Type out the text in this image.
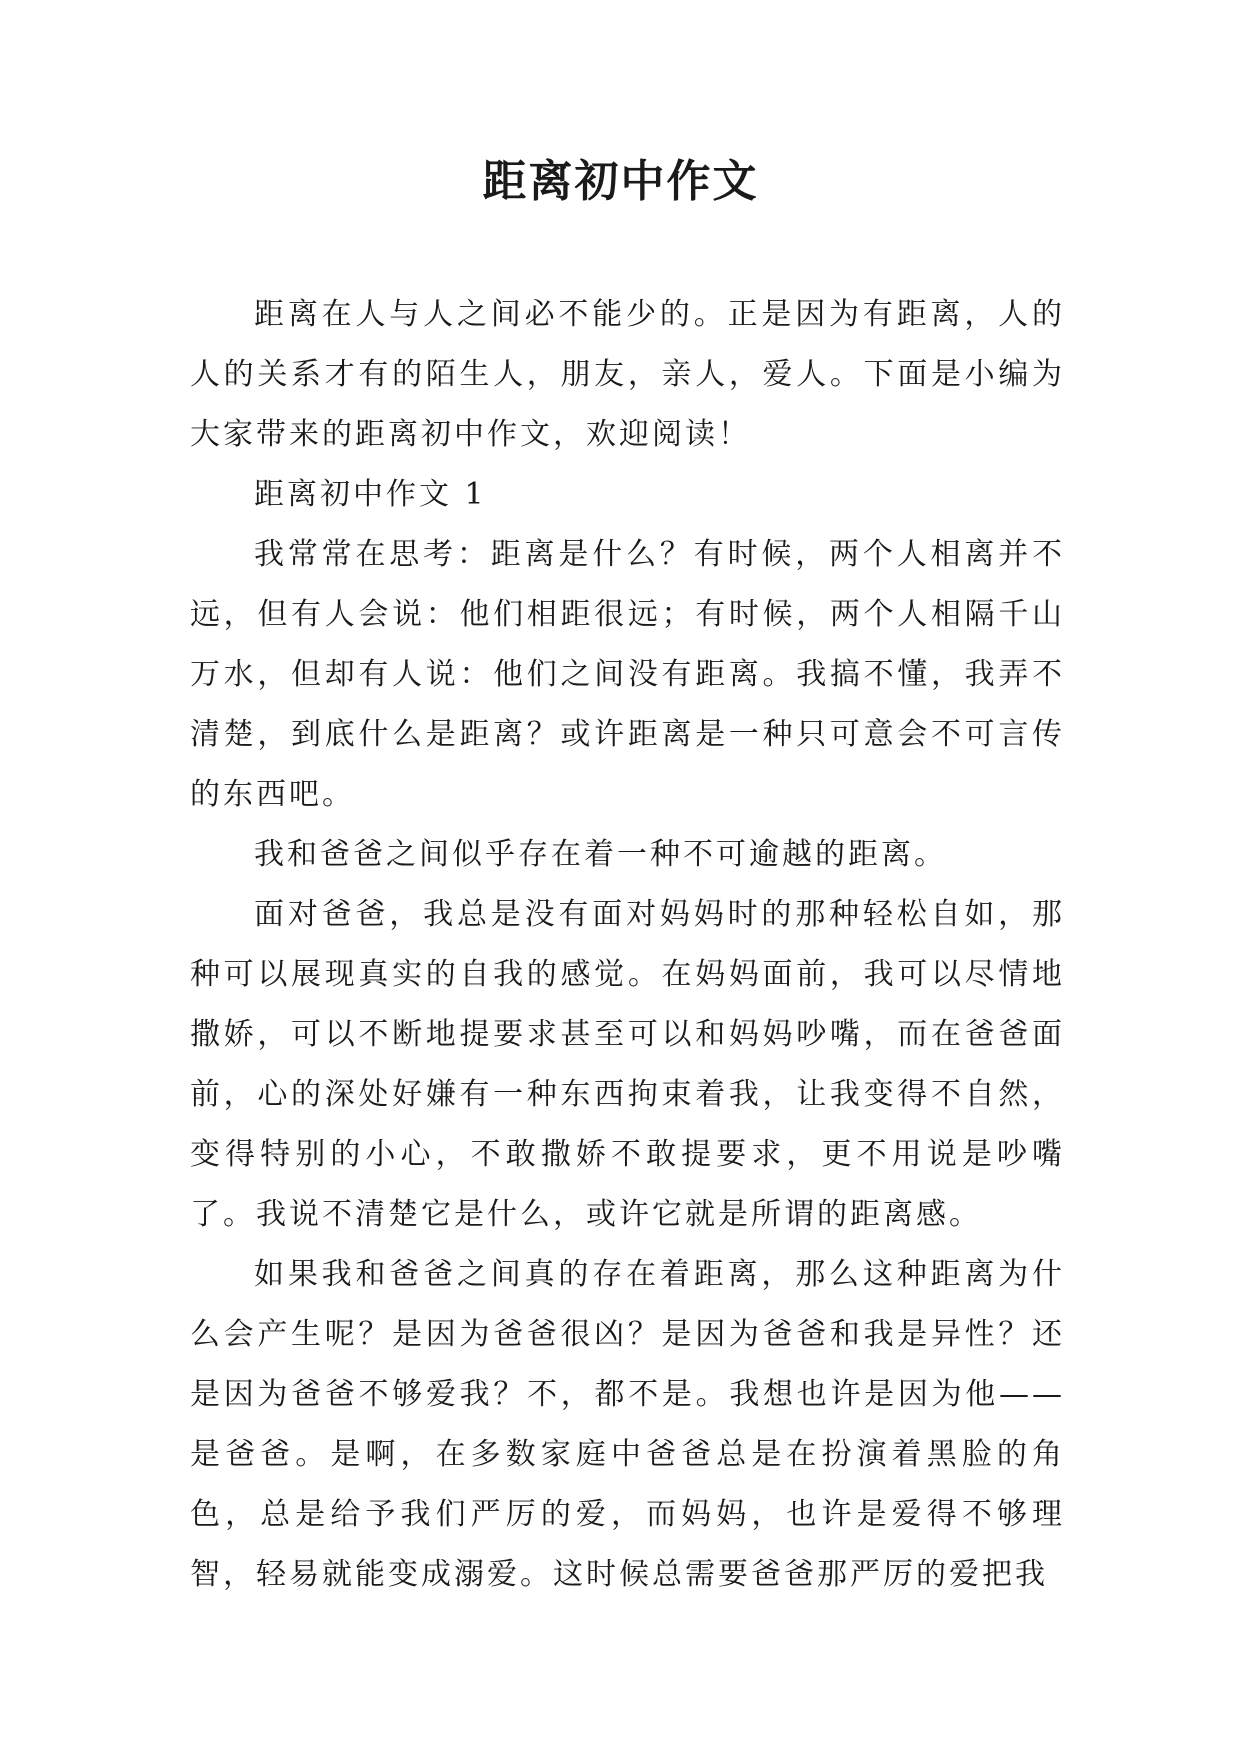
距离初中作文

距离在人与人之间必不能少的。正是因为有距离，人的人的关系才有的陌生人，朋友，亲人，爱人。下面是小编为大家带来的距离初中作文，欢迎阅读！

距离初中作文 1

我常常在思考：距离是什么？有时候，两个人相离并不远，但有人会说：他们相距很远；有时候，两个人相隔千山万水，但却有人说：他们之间没有距离。我搞不懂，我弄不清楚，到底什么是距离？或许距离是一种只可意会不可言传的东西吧。

我和爸爸之间似乎存在着一种不可逾越的距离。

面对爸爸，我总是没有面对妈妈时的那种轻松自如，那种可以展现真实的自我的感觉。在妈妈面前，我可以尽情地撒娇，可以不断地提要求甚至可以和妈妈吵嘴，而在爸爸面前，心的深处好嫌有一种东西拘束着我，让我变得不自然，变得特别的小心，不敢撒娇不敢提要求，更不用说是吵嘴了。我说不清楚它是什么，或许它就是所谓的距离感。

如果我和爸爸之间真的存在着距离，那么这种距离为什么会产生呢？是因为爸爸很凶？是因为爸爸和我是异性？还是因为爸爸不够爱我？不，都不是。我想也许是因为他——是爸爸。是啊，在多数家庭中爸爸总是在扮演着黑脸的角色，总是给予我们严厉的爱，而妈妈，也许是爱得不够理智，轻易就能变成溺爱。这时候总需要爸爸那严厉的爱把我
